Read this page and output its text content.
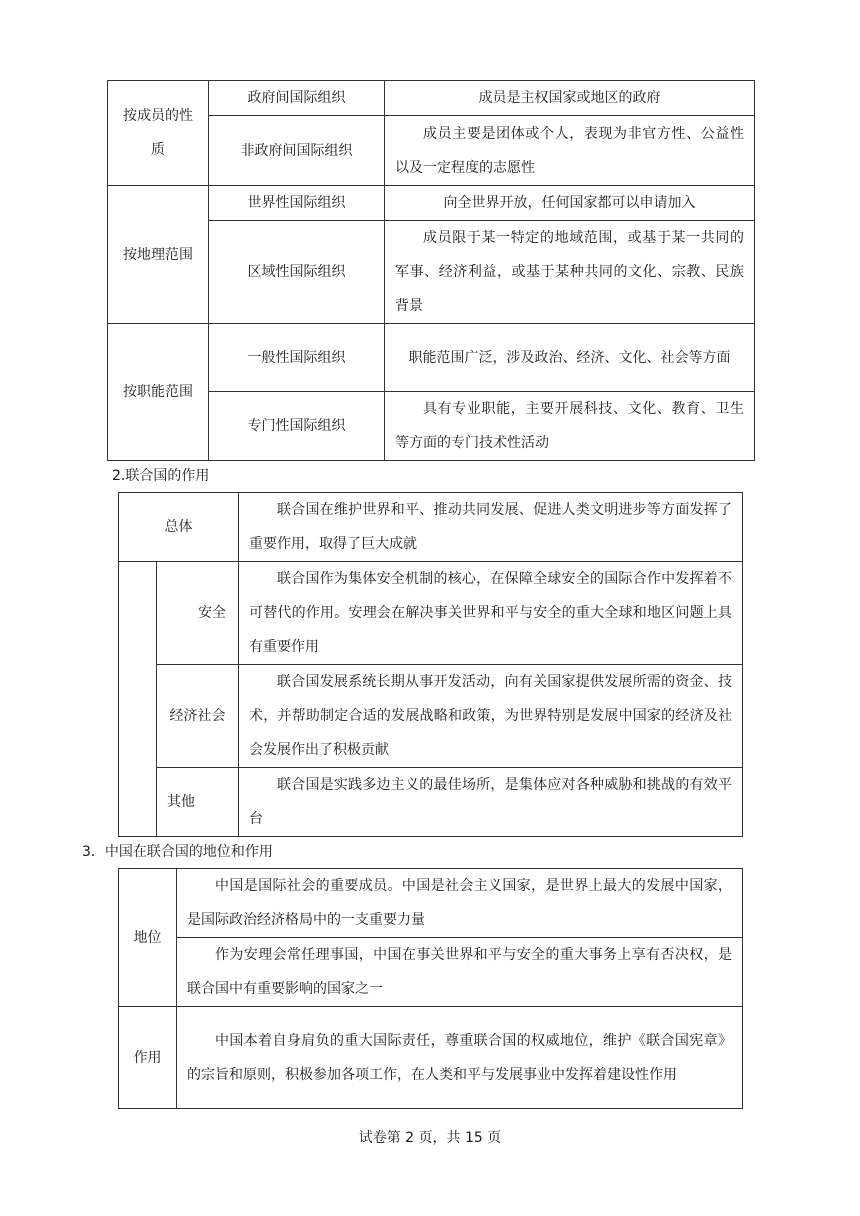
按成员的性质	政府间国际组织	成员是主权国家或地区的政府
	非政府间国际组织	成员主要是团体或个人，表现为非官方性、公益性以及一定程度的志愿性
按地理范围	世界性国际组织	向全世界开放，任何国家都可以申请加入
	区域性国际组织	成员限于某一特定的地域范围，或基于某一共同的军事、经济利益，或基于某种共同的文化、宗教、民族背景
按职能范围	一般性国际组织	职能范围广泛，涉及政治、经济、文化、社会等方面
	专门性国际组织	具有专业职能，主要开展科技、文化、教育、卫生等方面的专门技术性活动
2.联合国的作用
总体		联合国在维护世界和平、推动共同发展、促进人类文明进步等方面发挥了重要作用，取得了巨大成就
	安全	联合国作为集体安全机制的核心，在保障全球安全的国际合作中发挥着不可替代的作用。安理会在解决事关世界和平与安全的重大全球和地区问题上具有重要作用
	经济社会	联合国发展系统长期从事开发活动，向有关国家提供发展所需的资金、技术，并帮助制定合适的发展战略和政策，为世界特别是发展中国家的经济及社会发展作出了积极贡献
	其他	联合国是实践多边主义的最佳场所，是集体应对各种威胁和挑战的有效平台
3．中国在联合国的地位和作用
地位	中国是国际社会的重要成员。中国是社会主义国家，是世界上最大的发展中国家，是国际政治经济格局中的一支重要力量
	作为安理会常任理事国，中国在事关世界和平与安全的重大事务上享有否决权，是联合国中有重要影响的国家之一
作用	中国本着自身肩负的重大国际责任，尊重联合国的权威地位，维护《联合国宪章》的宗旨和原则，积极参加各项工作，在人类和平与发展事业中发挥着建设性作用
试卷第 2 页，共 15 页
